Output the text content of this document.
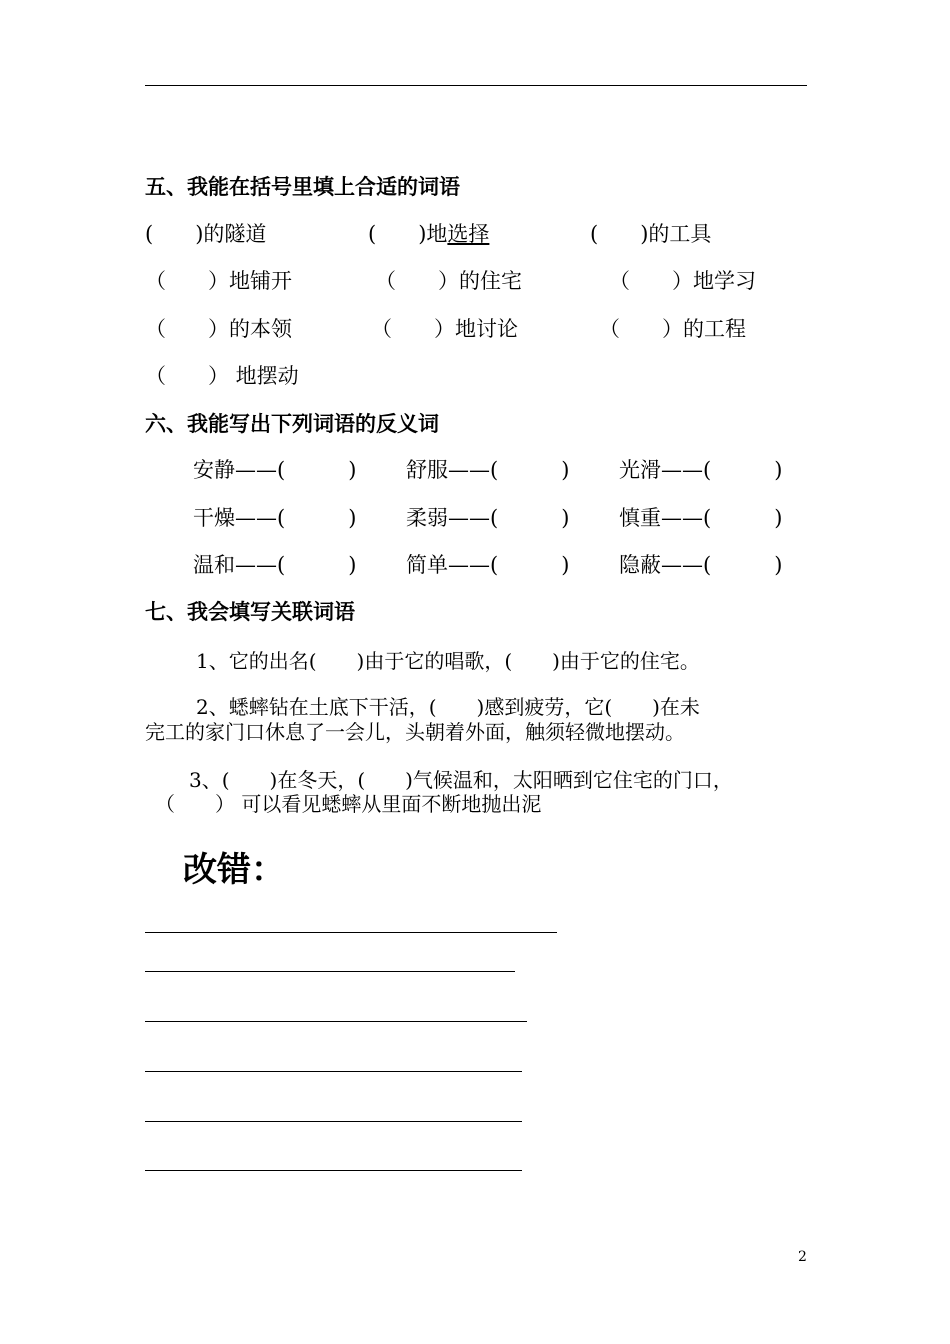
五、我能在括号里填上合适的词语
(　　)的隧道	(　　)地选择	(　　)的工具
（　　）地铺开	（　　）的住宅	（　　）地学习
（　　）的本领	（　　）地讨论	（　　）的工程
（　　） 地摆动
六、我能写出下列词语的反义词
安静——(　　　) 舒服——(　　　) 光滑——(　　　)
干燥——(　　　) 柔弱——(　　　) 慎重——(　　　)
温和——(　　　) 简单——(　　　) 隐蔽——(　　　)
七、我会填写关联词语
1、它的出名(　　)由于它的唱歌，(　　)由于它的住宅。
2、蟋蟀钻在土底下干活，(　　)感到疲劳，它(　　)在未
完工的家门口休息了一会儿，头朝着外面，触须轻微地摆动。
3、(　　)在冬天，(　　)气候温和，太阳晒到它住宅的门口，
（　　） 可以看见蟋蟀从里面不断地抛出泥
改错：
2
